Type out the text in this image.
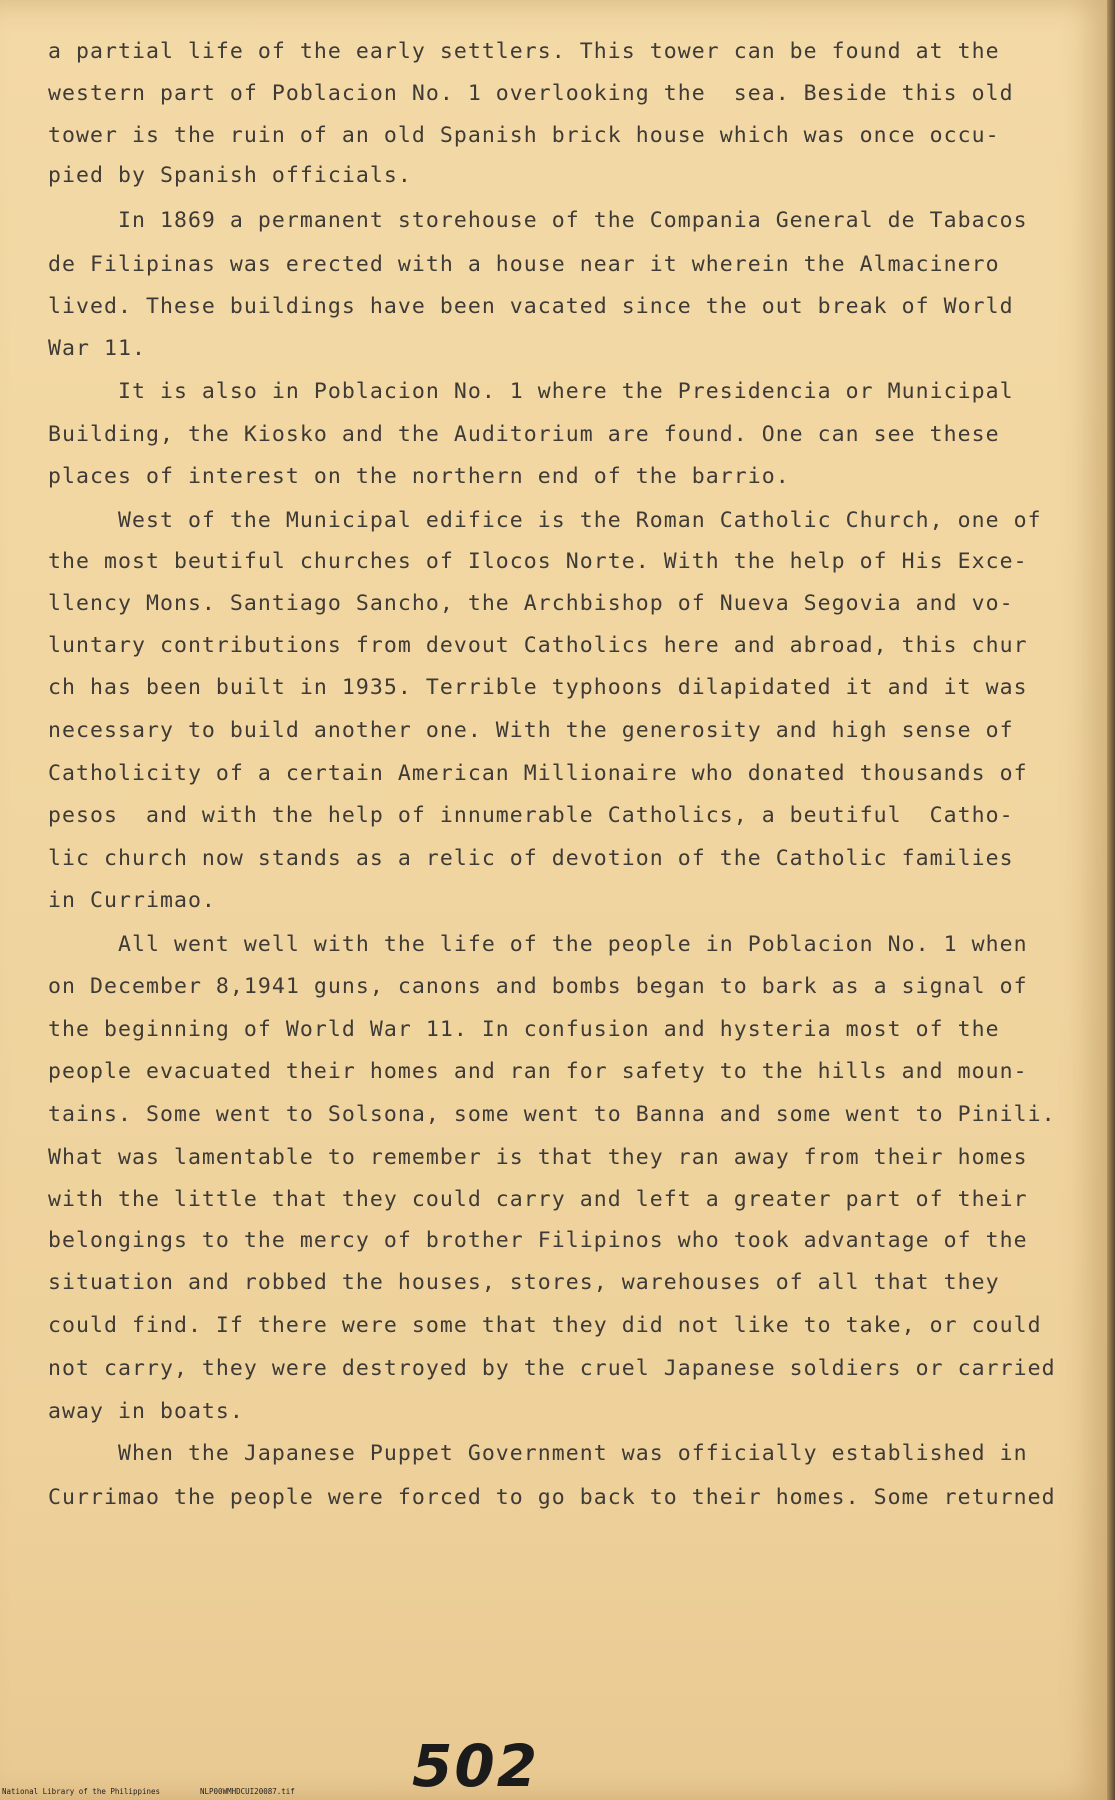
a partial life of the early settlers. This tower can be found at the
western part of Poblacion No. 1 overlooking the  sea. Beside this old
tower is the ruin of an old Spanish brick house which was once occu-
pied by Spanish officials.
In 1869 a permanent storehouse of the Compania General de Tabacos
de Filipinas was erected with a house near it wherein the Almacinero
lived. These buildings have been vacated since the out break of World
War 11.
It is also in Poblacion No. 1 where the Presidencia or Municipal
Building, the Kiosko and the Auditorium are found. One can see these
places of interest on the northern end of the barrio.
West of the Municipal edifice is the Roman Catholic Church, one of
the most beutiful churches of Ilocos Norte. With the help of His Exce-
llency Mons. Santiago Sancho, the Archbishop of Nueva Segovia and vo-
luntary contributions from devout Catholics here and abroad, this chur
ch has been built in 1935. Terrible typhoons dilapidated it and it was
necessary to build another one. With the generosity and high sense of
Catholicity of a certain American Millionaire who donated thousands of
pesos  and with the help of innumerable Catholics, a beutiful  Catho-
lic church now stands as a relic of devotion of the Catholic families
in Currimao.
All went well with the life of the people in Poblacion No. 1 when
on December 8,1941 guns, canons and bombs began to bark as a signal of
the beginning of World War 11. In confusion and hysteria most of the
people evacuated their homes and ran for safety to the hills and moun-
tains. Some went to Solsona, some went to Banna and some went to Pinili.
What was lamentable to remember is that they ran away from their homes
with the little that they could carry and left a greater part of their
belongings to the mercy of brother Filipinos who took advantage of the
situation and robbed the houses, stores, warehouses of all that they
could find. If there were some that they did not like to take, or could
not carry, they were destroyed by the cruel Japanese soldiers or carried
away in boats.
When the Japanese Puppet Government was officially established in
Currimao the people were forced to go back to their homes. Some returned
502
National Library of the Philippines	NLP00WMHDCUI20087.tif
